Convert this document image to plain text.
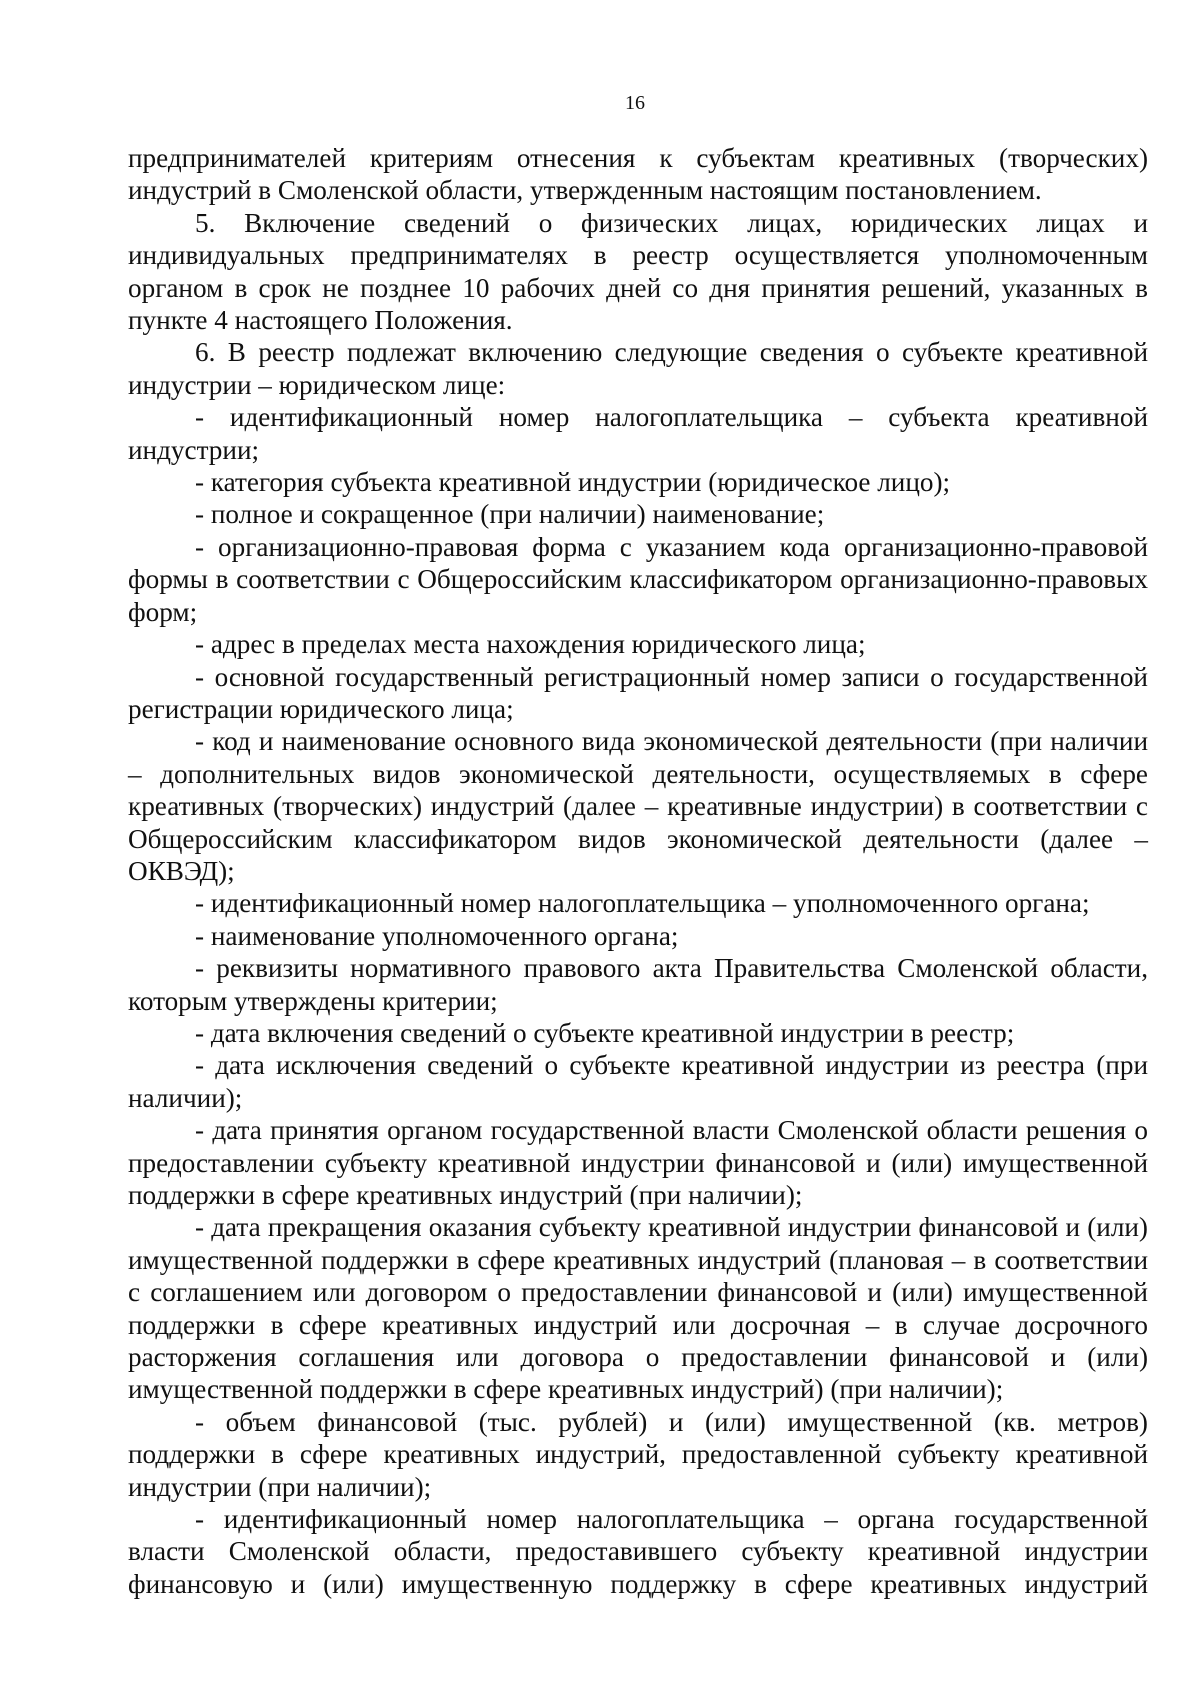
16

предпринимателей критериям отнесения к субъектам креативных (творческих) индустрий в Смоленской области, утвержденным настоящим постановлением.

5. Включение сведений о физических лицах, юридических лицах и индивидуальных предпринимателях в реестр осуществляется уполномоченным органом в срок не позднее 10 рабочих дней со дня принятия решений, указанных в пункте 4 настоящего Положения.

6. В реестр подлежат включению следующие сведения о субъекте креативной индустрии – юридическом лице:

- идентификационный номер налогоплательщика – субъекта креативной индустрии;

- категория субъекта креативной индустрии (юридическое лицо);

- полное и сокращенное (при наличии) наименование;

- организационно-правовая форма с указанием кода организационно-правовой формы в соответствии с Общероссийским классификатором организационно-правовых форм;

- адрес в пределах места нахождения юридического лица;

- основной государственный регистрационный номер записи о государственной регистрации юридического лица;

- код и наименование основного вида экономической деятельности (при наличии – дополнительных видов экономической деятельности, осуществляемых в сфере креативных (творческих) индустрий (далее – креативные индустрии) в соответствии с Общероссийским классификатором видов экономической деятельности (далее – ОКВЭД);

- идентификационный номер налогоплательщика – уполномоченного органа;

- наименование уполномоченного органа;

- реквизиты нормативного правового акта Правительства Смоленской области, которым утверждены критерии;

- дата включения сведений о субъекте креативной индустрии в реестр;

- дата исключения сведений о субъекте креативной индустрии из реестра (при наличии);

- дата принятия органом государственной власти Смоленской области решения о предоставлении субъекту креативной индустрии финансовой и (или) имущественной поддержки в сфере креативных индустрий (при наличии);

- дата прекращения оказания субъекту креативной индустрии финансовой и (или) имущественной поддержки в сфере креативных индустрий (плановая – в соответствии с соглашением или договором о предоставлении финансовой и (или) имущественной поддержки в сфере креативных индустрий или досрочная – в случае досрочного расторжения соглашения или договора о предоставлении финансовой и (или) имущественной поддержки в сфере креативных индустрий) (при наличии);

- объем финансовой (тыс. рублей) и (или) имущественной (кв. метров) поддержки в сфере креативных индустрий, предоставленной субъекту креативной индустрии (при наличии);

- идентификационный номер налогоплательщика – органа государственной власти Смоленской области, предоставившего субъекту креативной индустрии финансовую и (или) имущественную поддержку в сфере креативных индустрий
